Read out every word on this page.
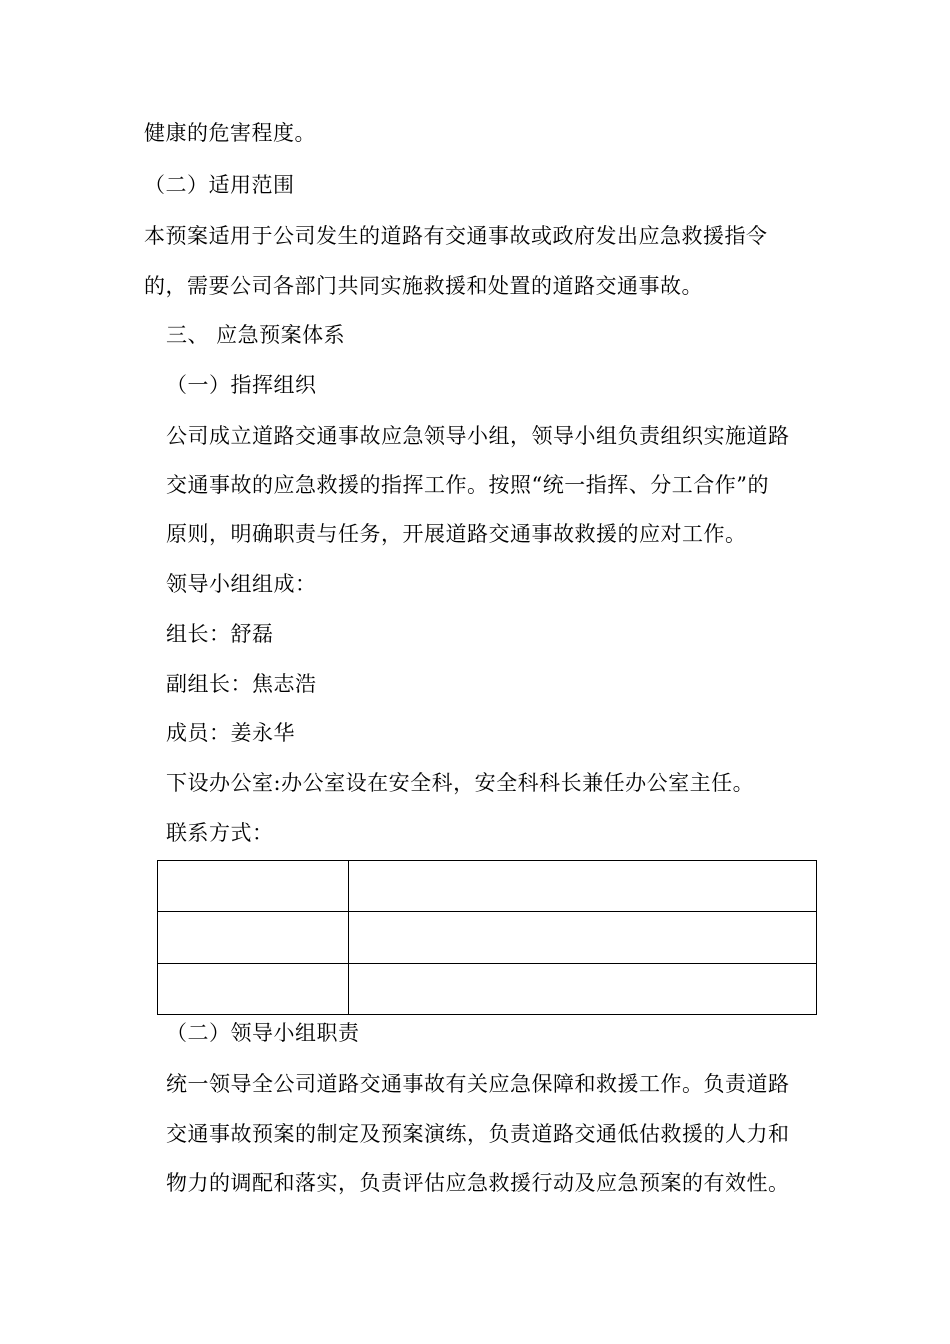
健康的危害程度。
（二）适用范围
本预案适用于公司发生的道路有交通事故或政府发出应急救援指令
的，需要公司各部门共同实施救援和处置的道路交通事故。
三、 应急预案体系
（一）指挥组织
公司成立道路交通事故应急领导小组，领导小组负责组织实施道路
交通事故的应急救援的指挥工作。按照“统一指挥、分工合作”的
原则，明确职责与任务，开展道路交通事故救援的应对工作。
领导小组组成：
组长：舒磊
副组长：焦志浩
成员：姜永华
下设办公室:办公室设在安全科，安全科科长兼任办公室主任。
联系方式：

（二）领导小组职责
统一领导全公司道路交通事故有关应急保障和救援工作。负责道路
交通事故预案的制定及预案演练，负责道路交通低估救援的人力和
物力的调配和落实，负责评估应急救援行动及应急预案的有效性。
